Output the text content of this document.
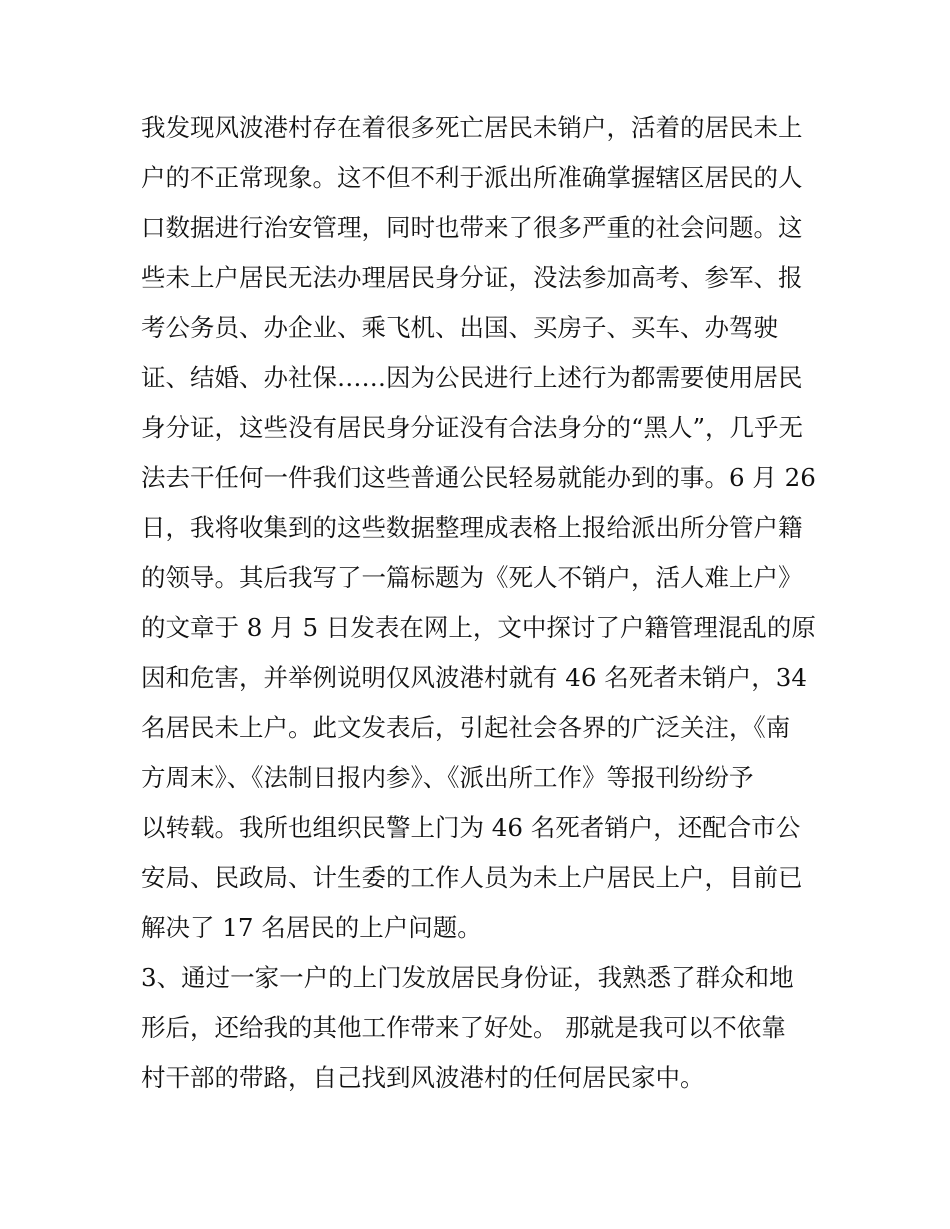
我发现风波港村存在着很多死亡居民未销户，活着的居民未上

户的不正常现象。这不但不利于派出所准确掌握辖区居民的人

口数据进行治安管理，同时也带来了很多严重的社会问题。这

些未上户居民无法办理居民身分证，没法参加高考、参军、报

考公务员、办企业、乘飞机、出国、买房子、买车、办驾驶

证、结婚、办社保……因为公民进行上述行为都需要使用居民

身分证，这些没有居民身分证没有合法身分的“黑人”，几乎无

法去干任何一件我们这些普通公民轻易就能办到的事。6 月 26

日，我将收集到的这些数据整理成表格上报给派出所分管户籍

的领导。其后我写了一篇标题为《死人不销户，活人难上户》

的文章于 8 月 5 日发表在网上，文中探讨了户籍管理混乱的原

因和危害，并举例说明仅风波港村就有 46 名死者未销户，34

名居民未上户。此文发表后，引起社会各界的广泛关注，《南

方周末》、《法制日报内参》、《派出所工作》等报刊纷纷予

以转载。我所也组织民警上门为 46 名死者销户，还配合市公

安局、民政局、计生委的工作人员为未上户居民上户，目前已

解决了 17 名居民的上户问题。

3、通过一家一户的上门发放居民身份证，我熟悉了群众和地

形后，还给我的其他工作带来了好处。 那就是我可以不依靠

村干部的带路，自己找到风波港村的任何居民家中。
